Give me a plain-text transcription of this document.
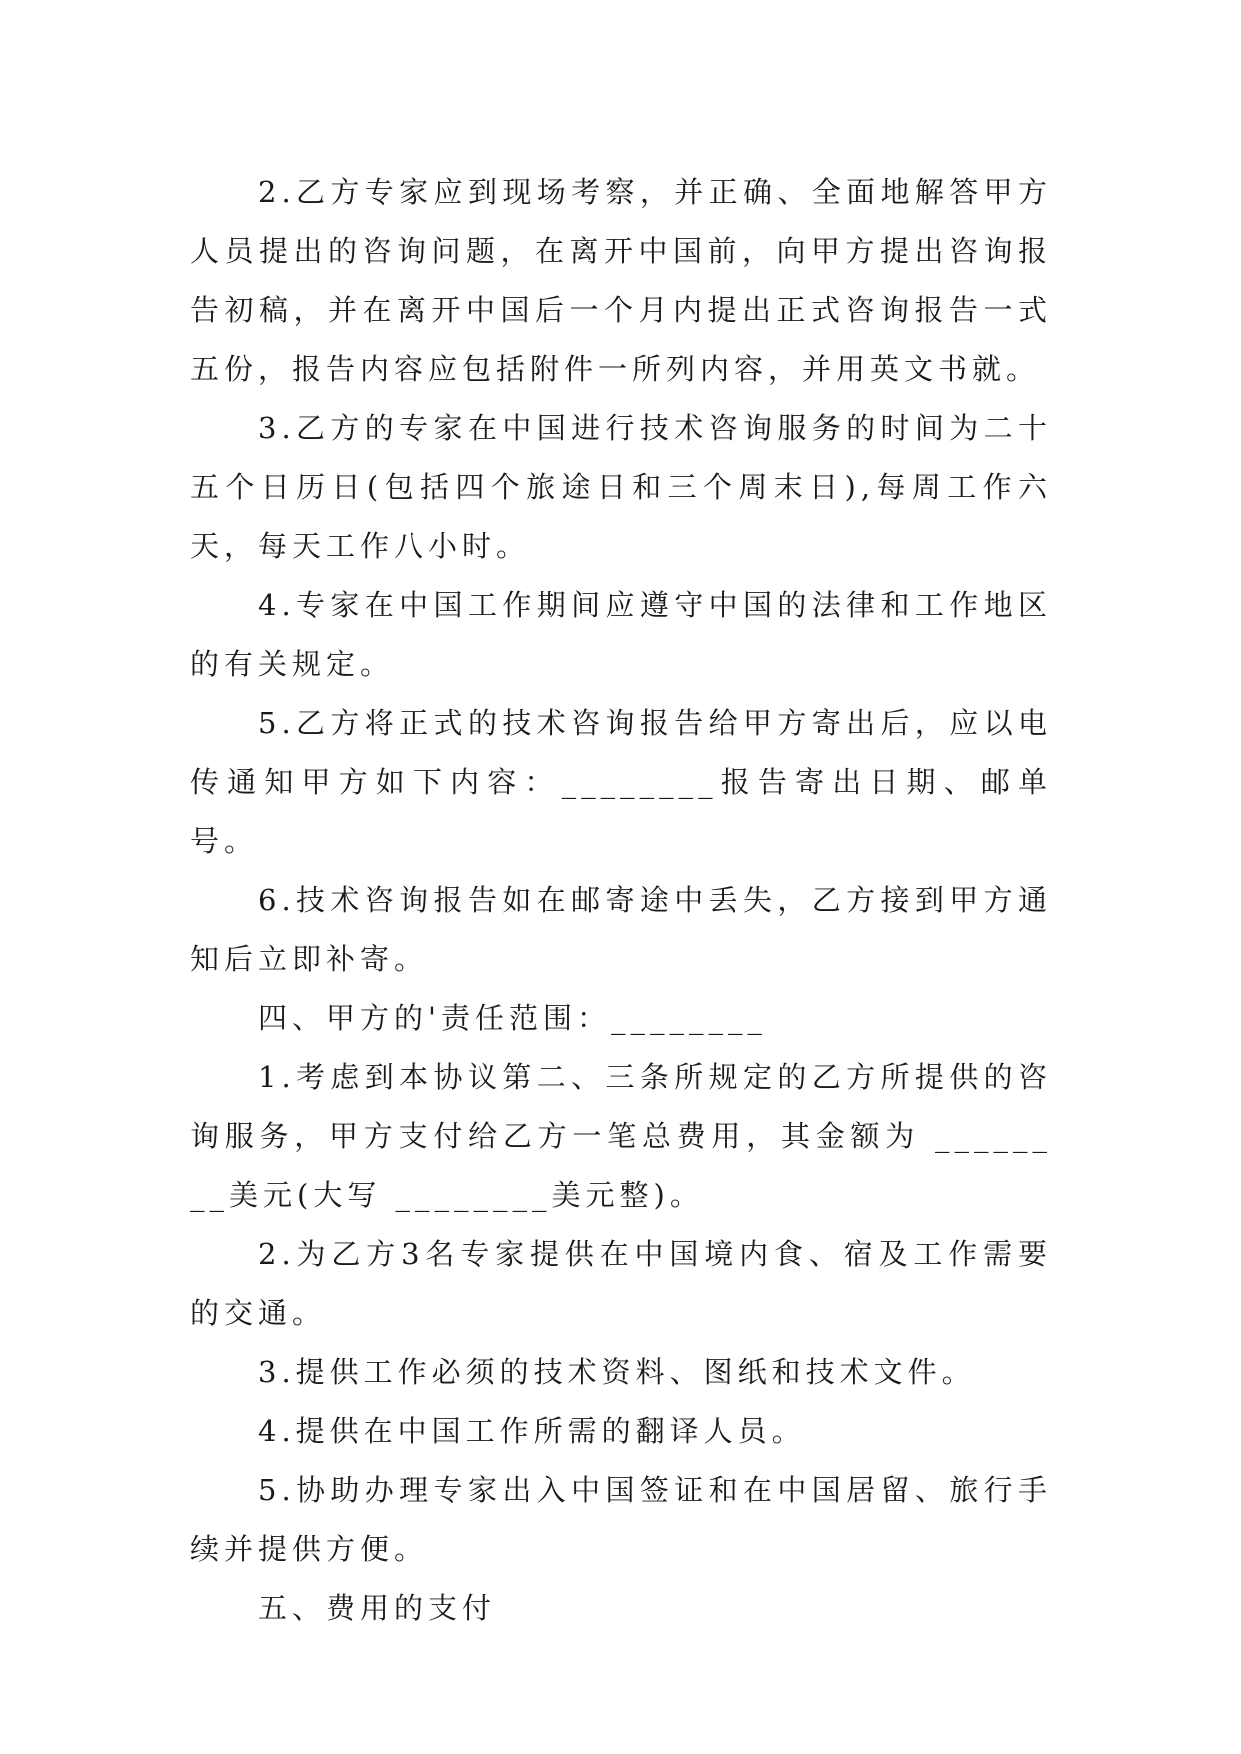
2.乙方专家应到现场考察，并正确、全面地解答甲方人员提出的咨询问题，在离开中国前，向甲方提出咨询报告初稿，并在离开中国后一个月内提出正式咨询报告一式五份，报告内容应包括附件一所列内容，并用英文书就。

3.乙方的专家在中国进行技术咨询服务的时间为二十五个日历日(包括四个旅途日和三个周末日),每周工作六天，每天工作八小时。

4.专家在中国工作期间应遵守中国的法律和工作地区的有关规定。

5.乙方将正式的技术咨询报告给甲方寄出后，应以电传通知甲方如下内容：________报告寄出日期、邮单号。

6.技术咨询报告如在邮寄途中丢失，乙方接到甲方通知后立即补寄。

四、甲方的'责任范围：________

1.考虑到本协议第二、三条所规定的乙方所提供的咨询服务，甲方支付给乙方一笔总费用，其金额为 ________美元(大写 ________美元整)。

2.为乙方3名专家提供在中国境内食、宿及工作需要的交通。

3.提供工作必须的技术资料、图纸和技术文件。

4.提供在中国工作所需的翻译人员。

5.协助办理专家出入中国签证和在中国居留、旅行手续并提供方便。

五、费用的支付
